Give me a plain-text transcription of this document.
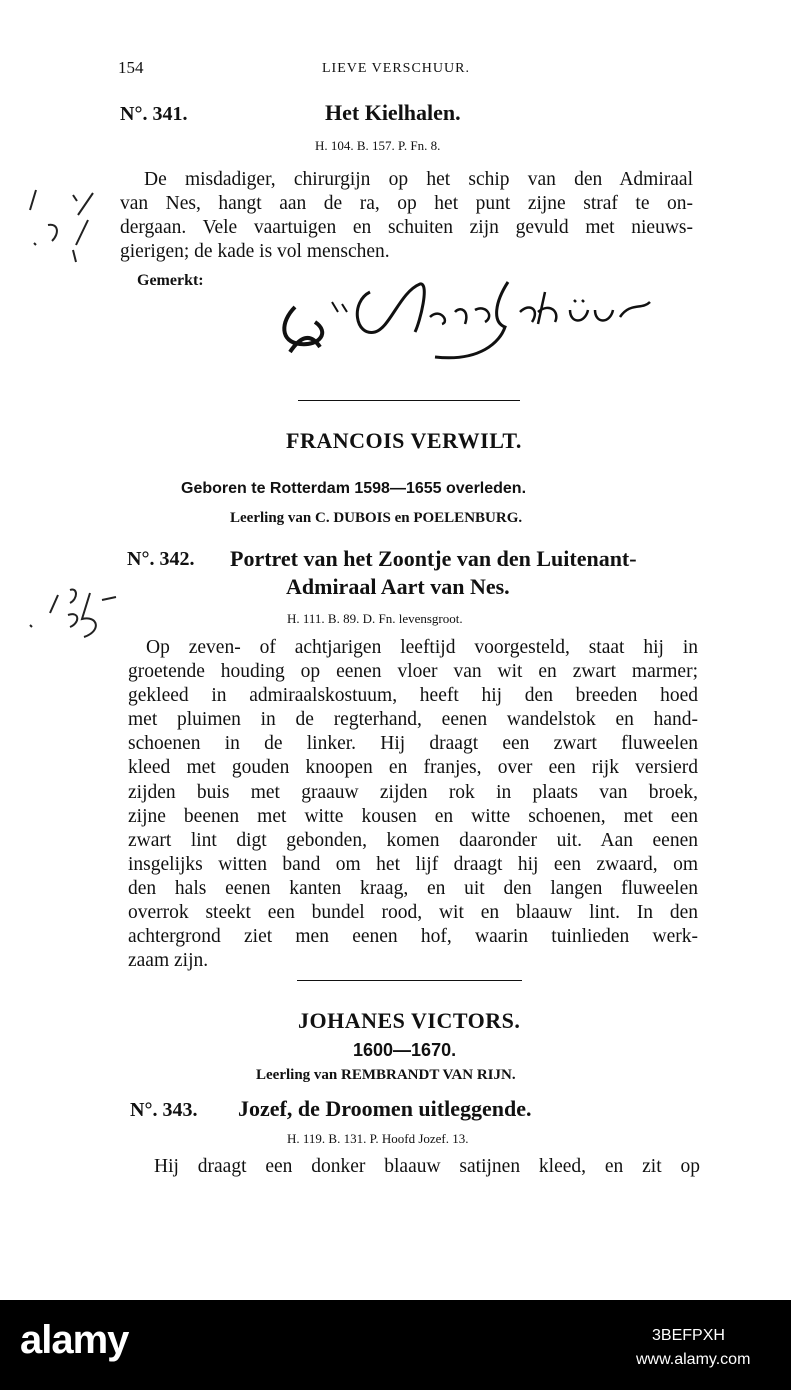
154	LIEVE VERSCHUUR.
N°. 341.	Het Kielhalen.
H. 104. B. 157. P. Fn. 8.
De misdadiger, chirurgijn op het schip van den Admiraal
van Nes, hangt aan de ra, op het punt zijne straf te on-
dergaan. Vele vaartuigen en schuiten zijn gevuld met nieuws-
gierigen; de kade is vol menschen.
Gemerkt:
FRANCOIS VERWILT.
Geboren te Rotterdam 1598—1655 overleden.
Leerling van C. DUBOIS en POELENBURG.
N°. 342. Portret van het Zoontje van den Luitenant-
Admiraal Aart van Nes.
H. 111. B. 89. D. Fn. levensgroot.
Op zeven- of achtjarigen leeftijd voorgesteld, staat hij in
groetende houding op eenen vloer van wit en zwart marmer;
gekleed in admiraalskostuum, heeft hij den breeden hoed
met pluimen in de regterhand, eenen wandelstok en hand-
schoenen in de linker. Hij draagt een zwart fluweelen
kleed met gouden knoopen en franjes, over een rijk versierd
zijden buis met graauw zijden rok in plaats van broek,
zijne beenen met witte kousen en witte schoenen, met een
zwart lint digt gebonden, komen daaronder uit. Aan eenen
insgelijks witten band om het lijf draagt hij een zwaard, om
den hals eenen kanten kraag, en uit den langen fluweelen
overrok steekt een bundel rood, wit en blaauw lint. In den
achtergrond ziet men eenen hof, waarin tuinlieden werk-
zaam zijn.
JOHANES VICTORS.
1600—1670.
Leerling van REMBRANDT VAN RIJN.
N°. 343. Jozef, de Droomen uitleggende.
H. 119. B. 131. P. Hoofd Jozef. 13.
Hij draagt een donker blaauw satijnen kleed, en zit op
alamy	3BEFPXH
www.alamy.com
